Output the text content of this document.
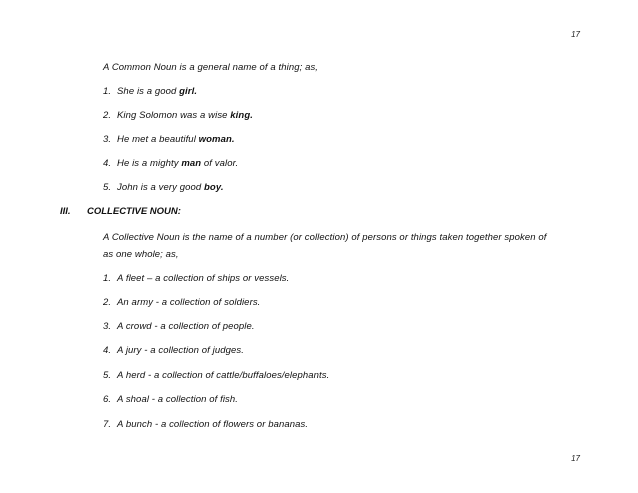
17
A Common Noun is a general name of a thing; as,
1. She is a good girl.
2. King Solomon was a wise king.
3. He met a beautiful woman.
4. He is a mighty man of valor.
5. John is a very good boy.
III. COLLECTIVE NOUN:
A Collective Noun is the name of a number (or collection) of persons or things taken together spoken of
as one whole; as,
1. A fleet – a collection of ships or vessels.
2. An army - a collection of soldiers.
3. A crowd - a collection of people.
4. A jury - a collection of judges.
5. A herd - a collection of cattle/buffaloes/elephants.
6. A shoal - a collection of fish.
7. A bunch - a collection of flowers or bananas.
17
